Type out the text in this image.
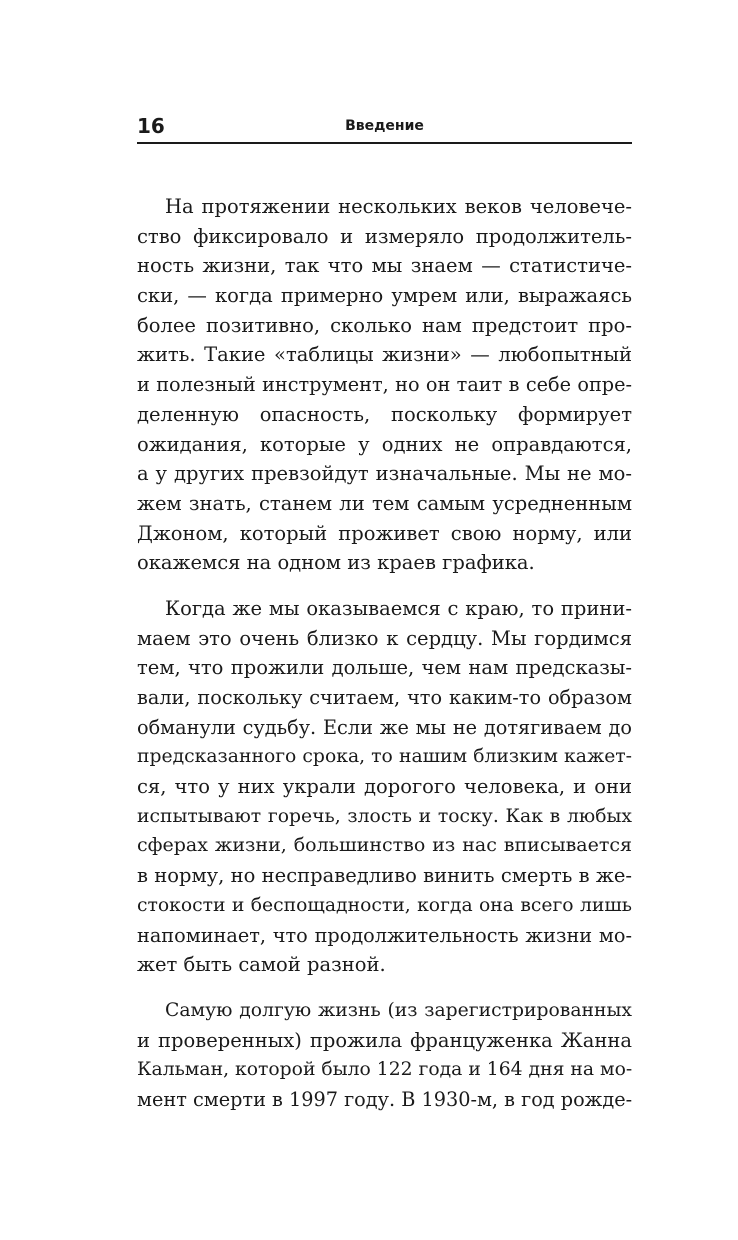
16	Введение
На протяжении нескольких веков человече-
ство фиксировало и измеряло продолжитель-
ность жизни, так что мы знаем — статистиче-
ски, — когда примерно умрем или, выражаясь
более позитивно, сколько нам предстоит про-
жить. Такие «таблицы жизни» — любопытный
и полезный инструмент, но он таит в себе опре-
деленную опасность, поскольку формирует
ожидания, которые у одних не оправдаются,
а у других превзойдут изначальные. Мы не мо-
жем знать, станем ли тем самым усредненным
Джоном, который проживет свою норму, или
окажемся на одном из краев графика.
Когда же мы оказываемся с краю, то прини-
маем это очень близко к сердцу. Мы гордимся
тем, что прожили дольше, чем нам предсказы-
вали, поскольку считаем, что каким-то образом
обманули судьбу. Если же мы не дотягиваем до
предсказанного срока, то нашим близким кажет-
ся, что у них украли дорогого человека, и они
испытывают горечь, злость и тоску. Как в любых
сферах жизни, большинство из нас вписывается
в норму, но несправедливо винить смерть в же-
стокости и беспощадности, когда она всего лишь
напоминает, что продолжительность жизни мо-
жет быть самой разной.
Самую долгую жизнь (из зарегистрированных
и проверенных) прожила француженка Жанна
Кальман, которой было 122 года и 164 дня на мо-
мент смерти в 1997 году. В 1930-м, в год рожде-
